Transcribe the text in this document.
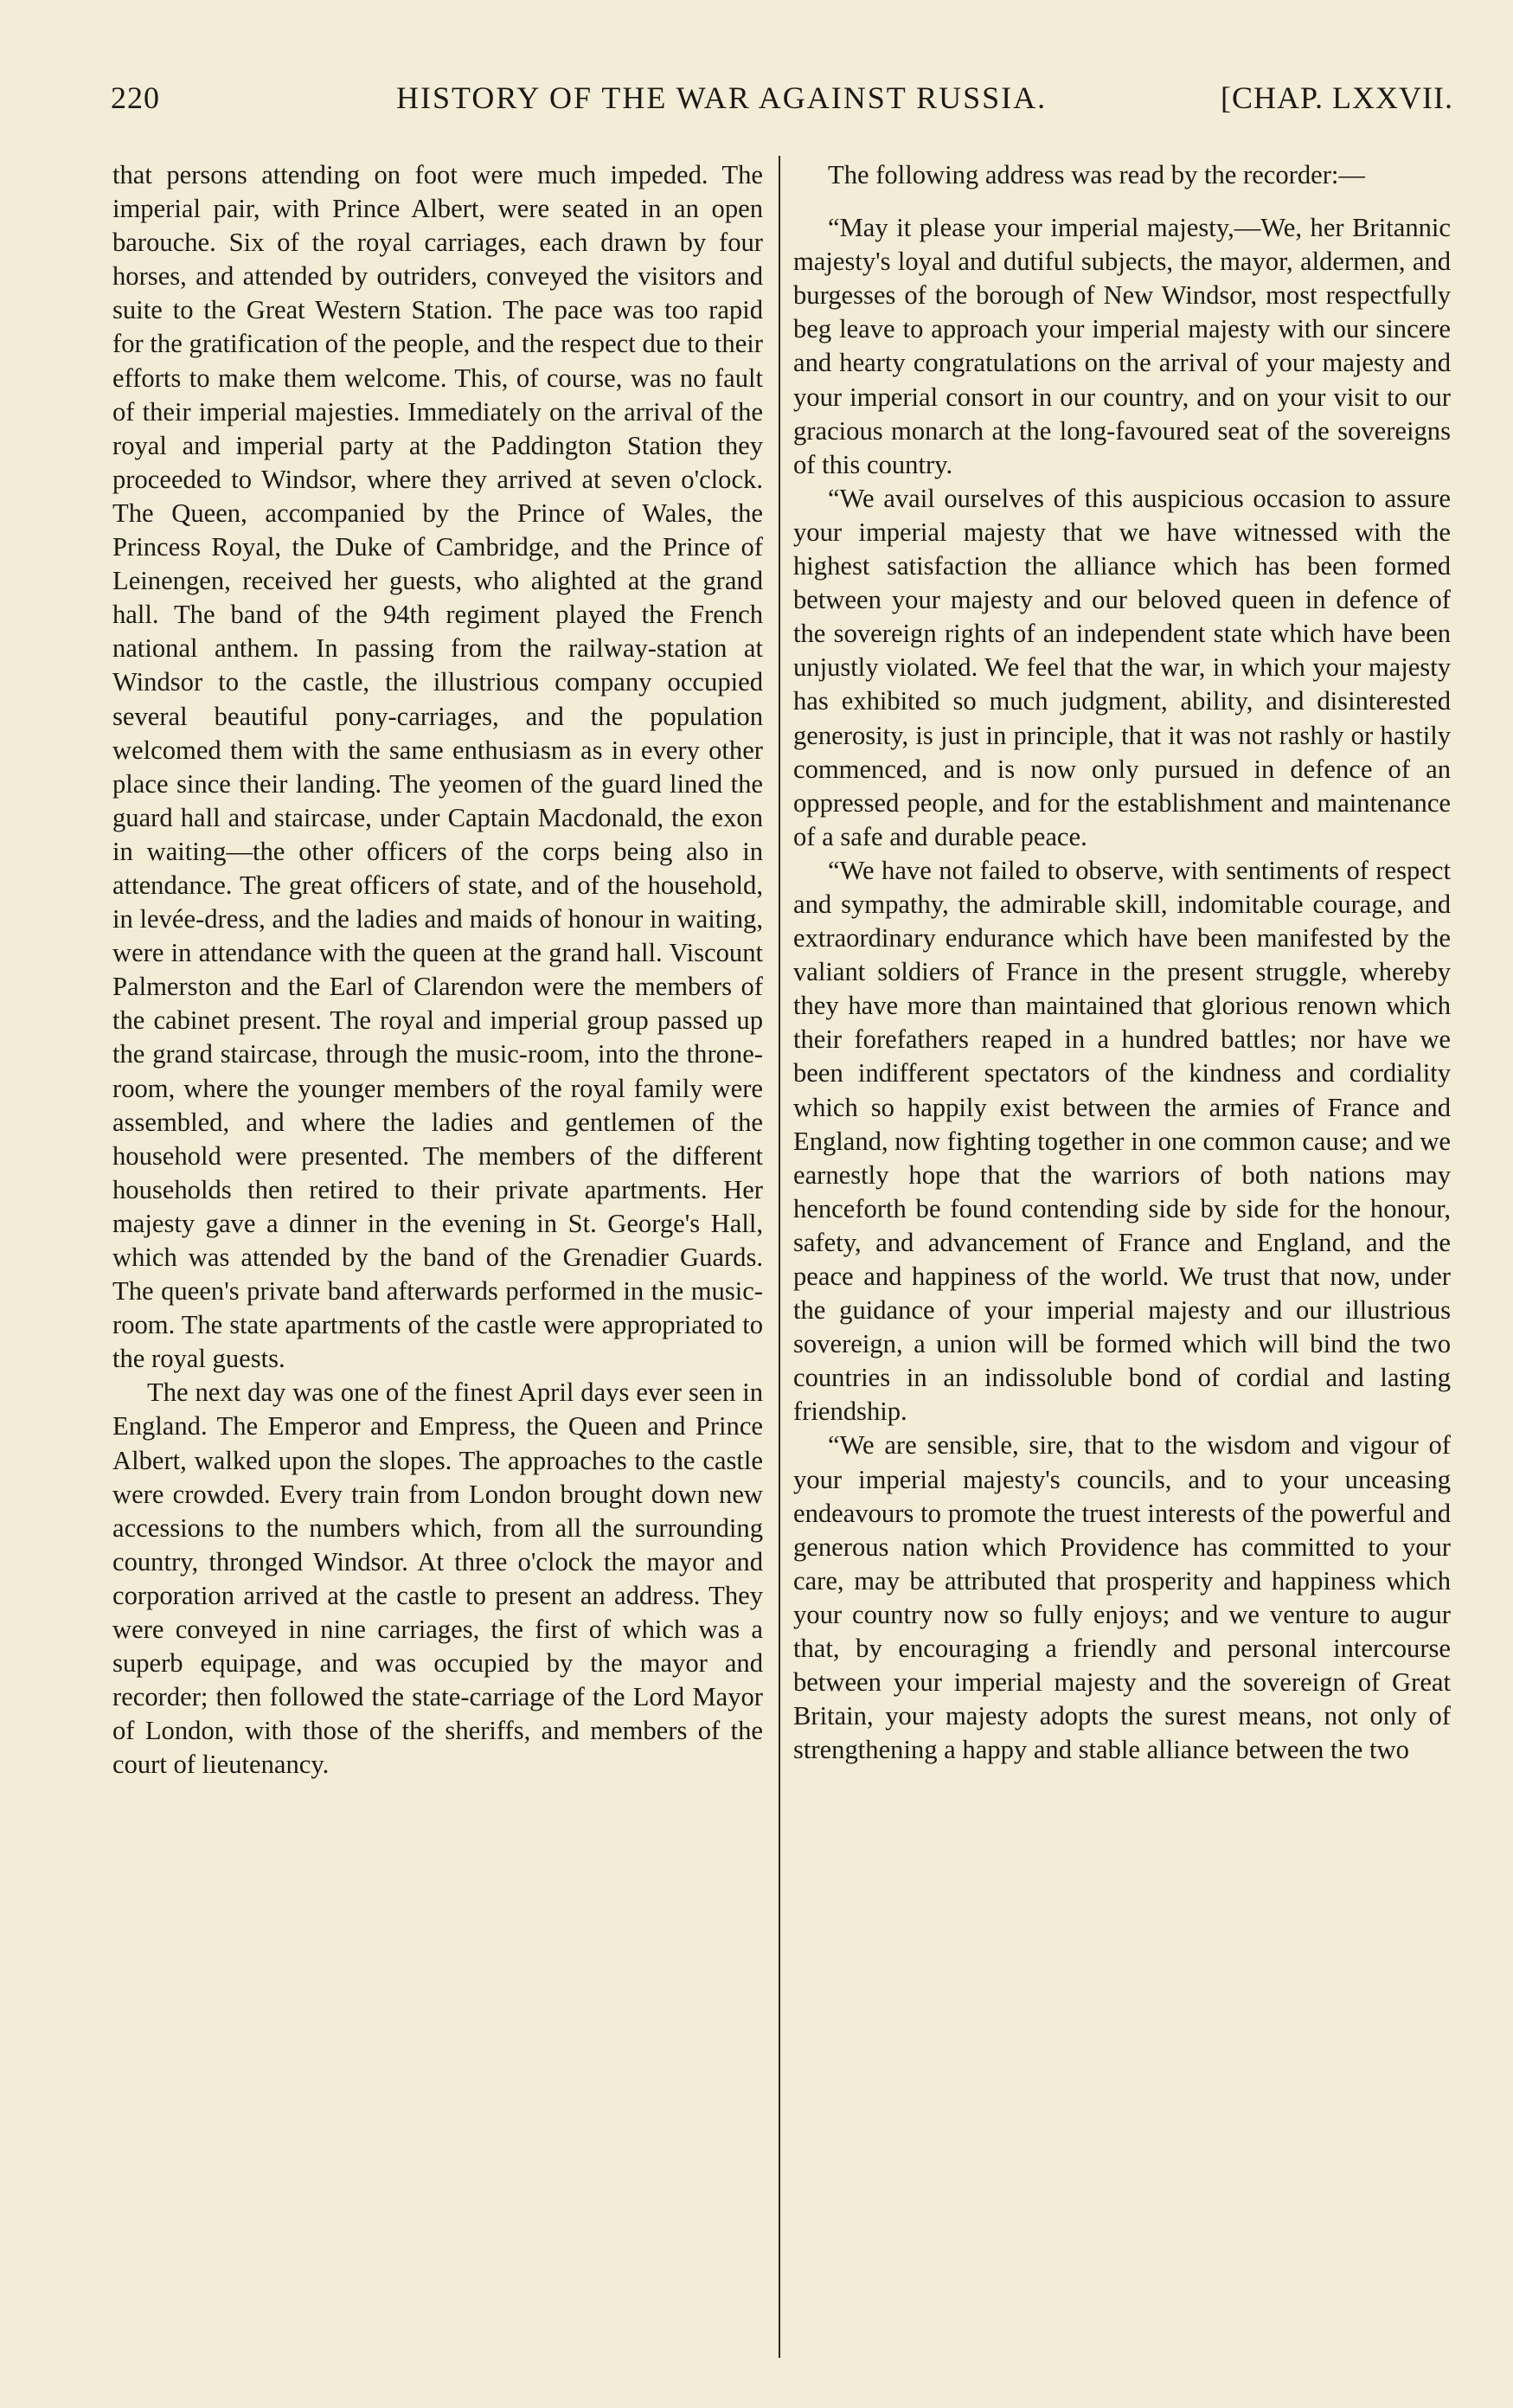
220	HISTORY OF THE WAR AGAINST RUSSIA.	[CHAP. LXXVII.

that persons attending on foot were much impeded. The imperial pair, with Prince Albert, were seated in an open barouche. Six of the royal carriages, each drawn by four horses, and attended by outriders, conveyed the visitors and suite to the Great Western Station. The pace was too rapid for the gratification of the people, and the respect due to their efforts to make them welcome. This, of course, was no fault of their imperial majesties. Immediately on the arrival of the royal and imperial party at the Paddington Station they proceeded to Windsor, where they arrived at seven o'clock. The Queen, accompanied by the Prince of Wales, the Princess Royal, the Duke of Cambridge, and the Prince of Leinengen, received her guests, who alighted at the grand hall. The band of the 94th regiment played the French national anthem. In passing from the railway-station at Windsor to the castle, the illustrious company occupied several beautiful pony-carriages, and the population welcomed them with the same enthusiasm as in every other place since their landing. The yeomen of the guard lined the guard hall and staircase, under Captain Macdonald, the exon in waiting—the other officers of the corps being also in attendance. The great officers of state, and of the household, in levée-dress, and the ladies and maids of honour in waiting, were in attendance with the queen at the grand hall. Viscount Palmerston and the Earl of Clarendon were the members of the cabinet present. The royal and imperial group passed up the grand staircase, through the music-room, into the throne-room, where the younger members of the royal family were assembled, and where the ladies and gentlemen of the household were presented. The members of the different households then retired to their private apartments. Her majesty gave a dinner in the evening in St. George's Hall, which was attended by the band of the Grenadier Guards. The queen's private band afterwards performed in the music-room. The state apartments of the castle were appropriated to the royal guests.

The next day was one of the finest April days ever seen in England. The Emperor and Empress, the Queen and Prince Albert, walked upon the slopes. The approaches to the castle were crowded. Every train from London brought down new accessions to the numbers which, from all the surrounding country, thronged Windsor. At three o'clock the mayor and corporation arrived at the castle to present an address. They were conveyed in nine carriages, the first of which was a superb equipage, and was occupied by the mayor and recorder; then followed the state-carriage of the Lord Mayor of London, with those of the sheriffs, and members of the court of lieutenancy.

The following address was read by the recorder:—

“May it please your imperial majesty,—We, her Britannic majesty's loyal and dutiful subjects, the mayor, aldermen, and burgesses of the borough of New Windsor, most respectfully beg leave to approach your imperial majesty with our sincere and hearty congratulations on the arrival of your majesty and your imperial consort in our country, and on your visit to our gracious monarch at the long-favoured seat of the sovereigns of this country.

“We avail ourselves of this auspicious occasion to assure your imperial majesty that we have witnessed with the highest satisfaction the alliance which has been formed between your majesty and our beloved queen in defence of the sovereign rights of an independent state which have been unjustly violated. We feel that the war, in which your majesty has exhibited so much judgment, ability, and disinterested generosity, is just in principle, that it was not rashly or hastily commenced, and is now only pursued in defence of an oppressed people, and for the establishment and maintenance of a safe and durable peace.

“We have not failed to observe, with sentiments of respect and sympathy, the admirable skill, indomitable courage, and extraordinary endurance which have been manifested by the valiant soldiers of France in the present struggle, whereby they have more than maintained that glorious renown which their forefathers reaped in a hundred battles; nor have we been indifferent spectators of the kindness and cordiality which so happily exist between the armies of France and England, now fighting together in one common cause; and we earnestly hope that the warriors of both nations may henceforth be found contending side by side for the honour, safety, and advancement of France and England, and the peace and happiness of the world. We trust that now, under the guidance of your imperial majesty and our illustrious sovereign, a union will be formed which will bind the two countries in an indissoluble bond of cordial and lasting friendship.

“We are sensible, sire, that to the wisdom and vigour of your imperial majesty's councils, and to your unceasing endeavours to promote the truest interests of the powerful and generous nation which Providence has committed to your care, may be attributed that prosperity and happiness which your country now so fully enjoys; and we venture to augur that, by encouraging a friendly and personal intercourse between your imperial majesty and the sovereign of Great Britain, your majesty adopts the surest means, not only of strengthening a happy and stable alliance between the two
